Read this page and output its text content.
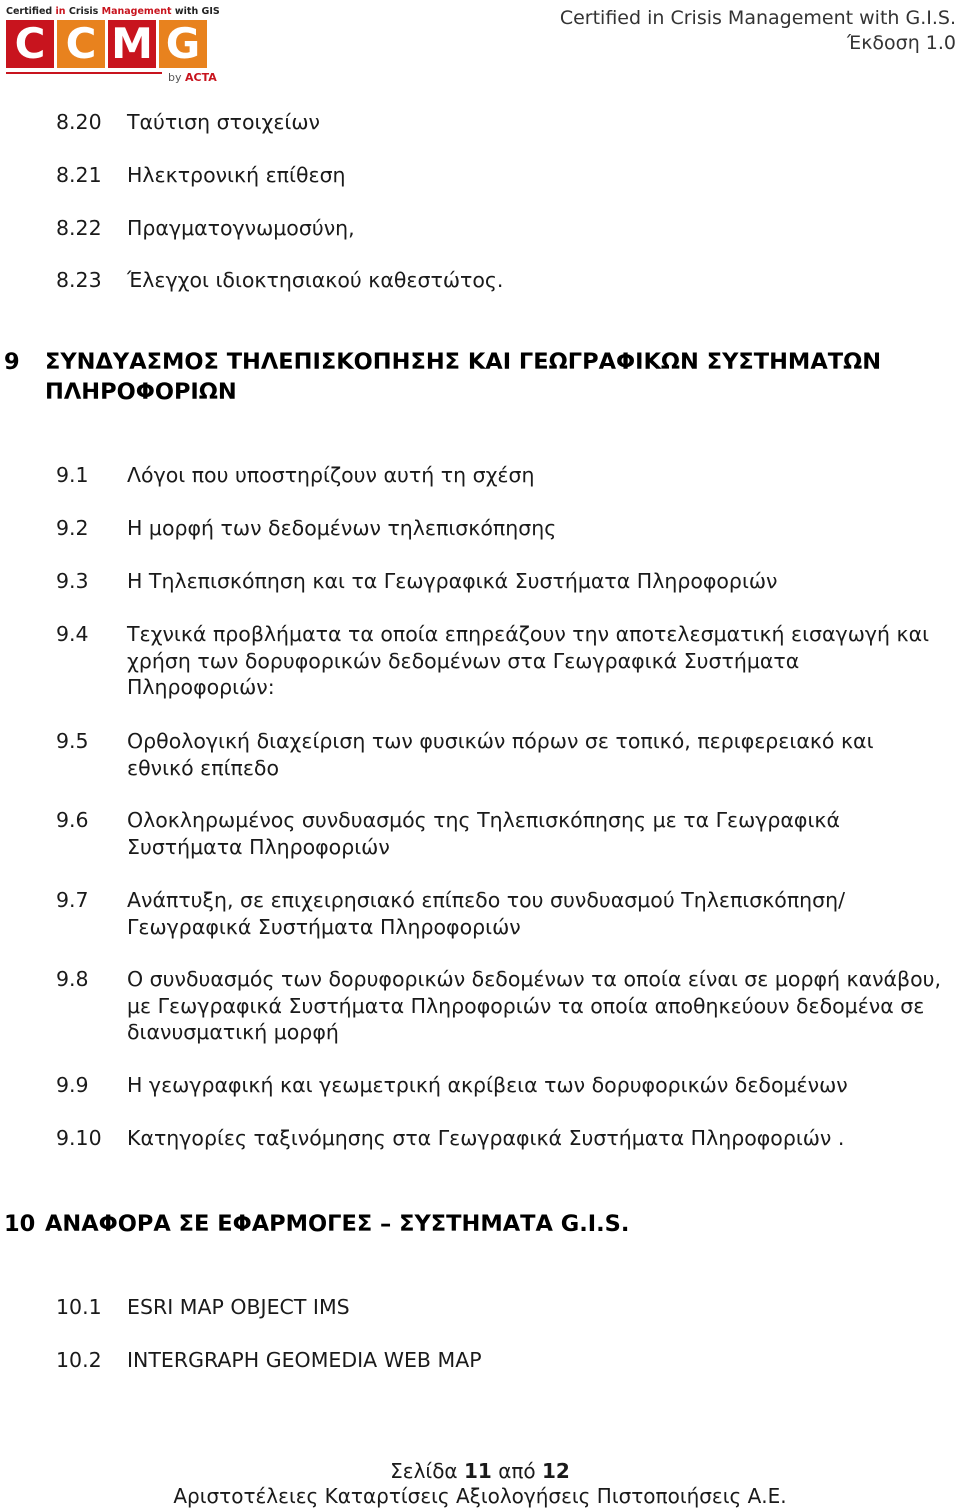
Certified in Crisis Management with GIS
C C M G
by ACTA
Certified in Crisis Management with G.I.S.
Έκδοση 1.0
8.20	Ταύτιση στοιχείων
8.21	Ηλεκτρονική επίθεση
8.22	Πραγματογνωμοσύνη,
8.23	Έλεγχοι ιδιοκτησιακού καθεστώτος.
9	ΣΥΝΔΥΑΣΜΟΣ ΤΗΛΕΠΙΣΚΟΠΗΣΗΣ ΚΑΙ ΓΕΩΓΡΑΦΙΚΩΝ ΣΥΣΤΗΜΑΤΩΝ ΠΛΗΡΟΦΟΡΙΩΝ
9.1	Λόγοι που υποστηρίζουν αυτή τη σχέση
9.2	Η μορφή των δεδομένων τηλεπισκόπησης
9.3	Η Τηλεπισκόπηση και τα Γεωγραφικά Συστήματα Πληροφοριών
9.4	Τεχνικά προβλήματα τα οποία επηρεάζουν την αποτελεσματική εισαγωγή και χρήση των δορυφορικών δεδομένων στα Γεωγραφικά Συστήματα Πληροφοριών:
9.5	Ορθολογική διαχείριση των φυσικών πόρων σε τοπικό, περιφερειακό και εθνικό επίπεδο
9.6	Ολοκληρωμένος συνδυασμός της Τηλεπισκόπησης με τα Γεωγραφικά Συστήματα Πληροφοριών
9.7	Ανάπτυξη, σε επιχειρησιακό επίπεδο του συνδυασμού Τηλεπισκόπηση/Γεωγραφικά Συστήματα Πληροφοριών
9.8	Ο συνδυασμός των δορυφορικών δεδομένων τα οποία είναι σε μορφή κανάβου, με Γεωγραφικά Συστήματα Πληροφοριών τα οποία αποθηκεύουν δεδομένα σε διανυσματική μορφή
9.9	Η γεωγραφική και γεωμετρική ακρίβεια των δορυφορικών δεδομένων
9.10	Κατηγορίες ταξινόμησης στα Γεωγραφικά Συστήματα Πληροφοριών .
10 ΑΝΑΦΟΡΑ ΣΕ ΕΦΑΡΜΟΓΕΣ – ΣΥΣΤΗΜΑΤΑ G.I.S.
10.1	ESRI MAP OBJECT IMS
10.2	INTERGRAPH GEOMEDIA WEB MAP
Σελίδα 11 από 12
Αριστοτέλειες Καταρτίσεις Αξιολογήσεις Πιστοποιήσεις Α.Ε.
